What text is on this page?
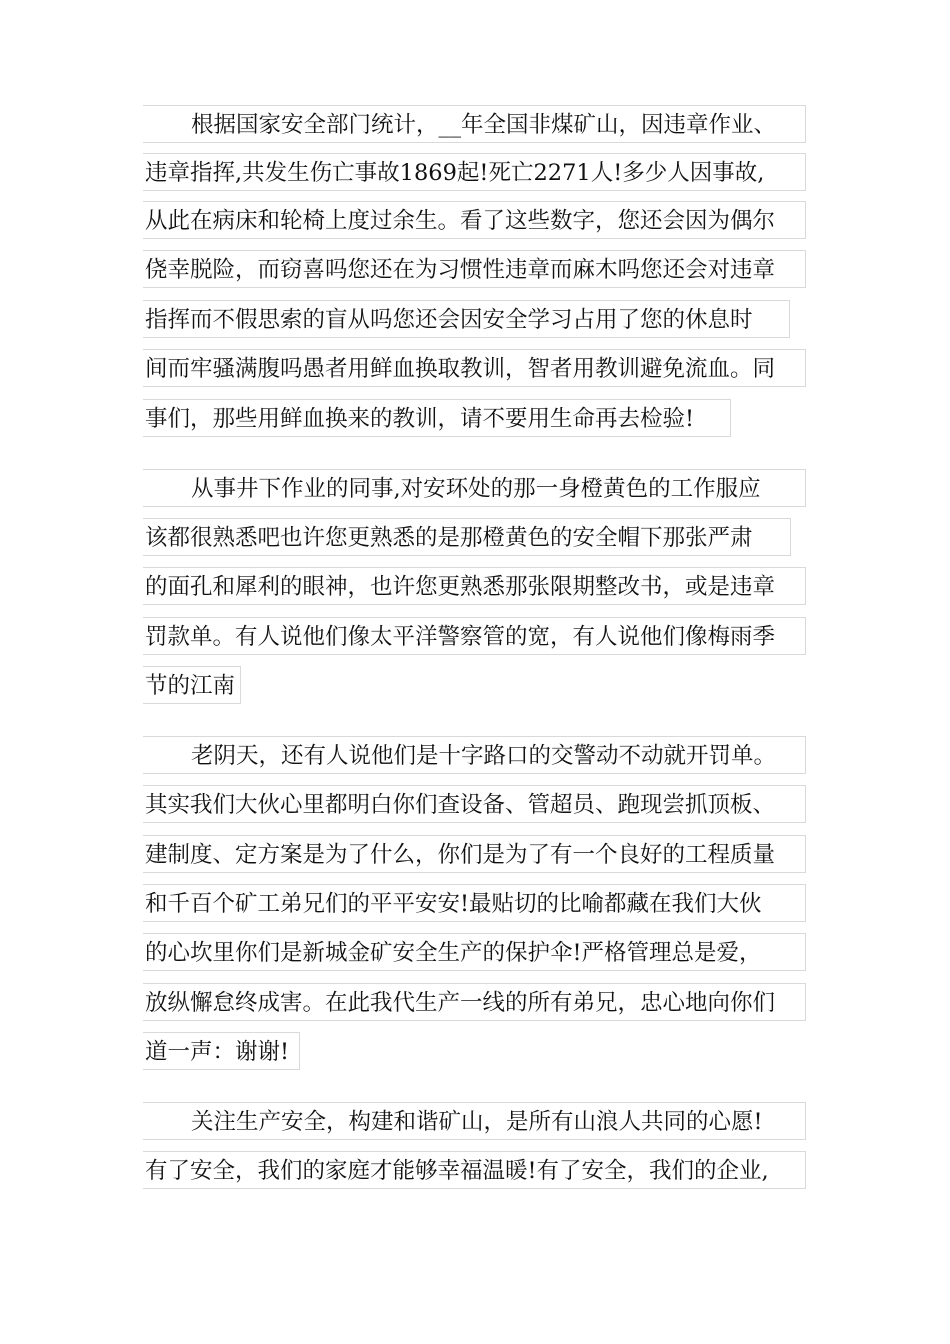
根据国家安全部门统计，__年全国非煤矿山，因违章作业、
违章指挥,共发生伤亡事故1869起!死亡2271人!多少人因事故,
从此在病床和轮椅上度过余生。看了这些数字，您还会因为偶尔
侥幸脱险，而窃喜吗您还在为习惯性违章而麻木吗您还会对违章
指挥而不假思索的盲从吗您还会因安全学习占用了您的休息时
间而牢骚满腹吗愚者用鲜血换取教训，智者用教训避免流血。同
事们，那些用鲜血换来的教训，请不要用生命再去检验!
从事井下作业的同事,对安环处的那一身橙黄色的工作服应
该都很熟悉吧也许您更熟悉的是那橙黄色的安全帽下那张严肃
的面孔和犀利的眼神，也许您更熟悉那张限期整改书，或是违章
罚款单。有人说他们像太平洋警察管的宽，有人说他们像梅雨季
节的江南
老阴天，还有人说他们是十字路口的交警动不动就开罚单。
其实我们大伙心里都明白你们查设备、管超员、跑现尝抓顶板、
建制度、定方案是为了什么，你们是为了有一个良好的工程质量
和千百个矿工弟兄们的平平安安!最贴切的比喻都藏在我们大伙
的心坎里你们是新城金矿安全生产的保护伞!严格管理总是爱，
放纵懈怠终成害。在此我代生产一线的所有弟兄，忠心地向你们
道一声：谢谢!
关注生产安全，构建和谐矿山，是所有山浪人共同的心愿!
有了安全，我们的家庭才能够幸福温暖!有了安全，我们的企业,
